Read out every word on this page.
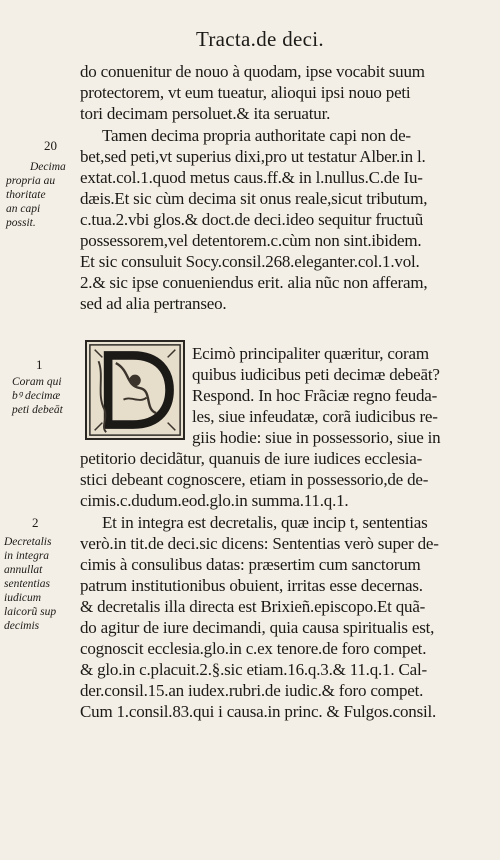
Tracta.de deci.
20
Decima
propria au
thoritate
an capi
possit.
1
Coram qui
bꝰ decimæ
peti debeāt
2
Decretalis
in integra
annullat
sententias
iudicum
laicorũ sup
decimis
do conuenitur de nouo à quodam, ipse vocabit suum
protectorem, vt eum tueatur, alioqui ipsi nouo peti
tori decimam persoluet.& ita seruatur.
Tamen decima propria authoritate capi non de-
bet,sed peti,vt superius dixi,pro ut testatur Alber.in l.
extat.col.1.quod metus caus.ff.& in l.nullus.C.de Iu-
dæis.Et sic cùm decima sit onus reale,sicut tributum,
c.tua.2.vbi glos.& doct.de deci.ideo sequitur fructuũ
possessorem,vel detentorem.c.cùm non sint.ibidem.
Et sic consuluit Socy.consil.268.eleganter.col.1.vol.
2.& sic ipse conueniendus erit. alia nũc non afferam,
sed ad alia pertranseo.
Ecimò principaliter quæritur, coram
quibus iudicibus peti decimæ debeāt?
Respond. In hoc Frãciæ regno feuda-
les, siue infeudatæ, corã iudicibus re-
giis hodie: siue in possessorio, siue in
petitorio decidãtur, quanuis de iure iudices ecclesia-
stici debeant cognoscere, etiam in possessorio,de de-
cimis.c.dudum.eod.glo.in summa.11.q.1.
Et in integra est decretalis, quæ incip t, sententias
verò.in tit.de deci.sic dicens: Sententias verò super de-
cimis à consulibus datas: præsertim cum sanctorum
patrum institutionibus obuient, irritas esse decernas.
& decretalis illa directa est Brixieñ.episcopo.Et quã-
do agitur de iure decimandi, quia causa spiritualis est,
cognoscit ecclesia.glo.in c.ex tenore.de foro compet.
& glo.in c.placuit.2.§.sic etiam.16.q.3.& 11.q.1. Cal-
der.consil.15.an iudex.rubri.de iudic.& foro compet.
Cum 1.consil.83.qui i causa.in princ. & Fulgos.consil.
